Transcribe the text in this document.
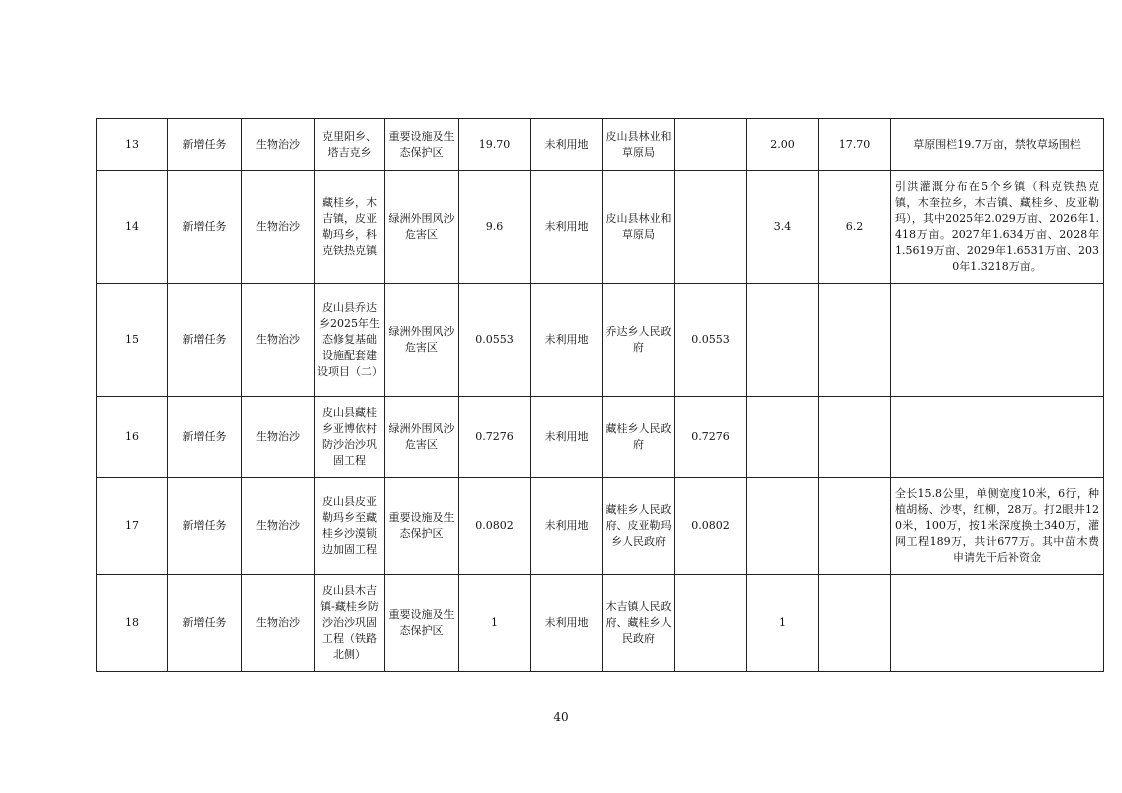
13	新增任务	生物治沙	克里阳乡、塔吉克乡	重要设施及生态保护区	19.70	未利用地	皮山县林业和草原局		2.00	17.70	草原围栏19.7万亩，禁牧草场围栏
14	新增任务	生物治沙	藏桂乡，木吉镇，皮亚勒玛乡，科克铁热克镇	绿洲外围风沙危害区	9.6	未利用地	皮山县林业和草原局		3.4	6.2	引洪灌溉分布在5个乡镇（科克铁热克镇，木奎拉乡，木吉镇、藏桂乡、皮亚勒玛），其中2025年2.029万亩、2026年1.418万亩。2027年1.634万亩、2028年1.5619万亩、2029年1.6531万亩、2030年1.3218万亩。
15	新增任务	生物治沙	皮山县乔达乡2025年生态修复基础设施配套建设项目（二）	绿洲外围风沙危害区	0.0553	未利用地	乔达乡人民政府	0.0553			
16	新增任务	生物治沙	皮山县藏桂乡亚博依村防沙治沙巩固工程	绿洲外围风沙危害区	0.7276	未利用地	藏桂乡人民政府	0.7276			
17	新增任务	生物治沙	皮山县皮亚勒玛乡至藏桂乡沙漠锁边加固工程	重要设施及生态保护区	0.0802	未利用地	藏桂乡人民政府、皮亚勒玛乡人民政府	0.0802			全长15.8公里，单侧宽度10米，6行，种植胡杨、沙枣，红柳，28万。打2眼井120米，100万，按1米深度换土340万，灌网工程189万，共计677万。其中苗木费申请先干后补资金
18	新增任务	生物治沙	皮山县木吉镇-藏桂乡防沙治沙巩固工程（铁路北侧）	重要设施及生态保护区	1	未利用地	木吉镇人民政府、藏桂乡人民政府		1		
40
